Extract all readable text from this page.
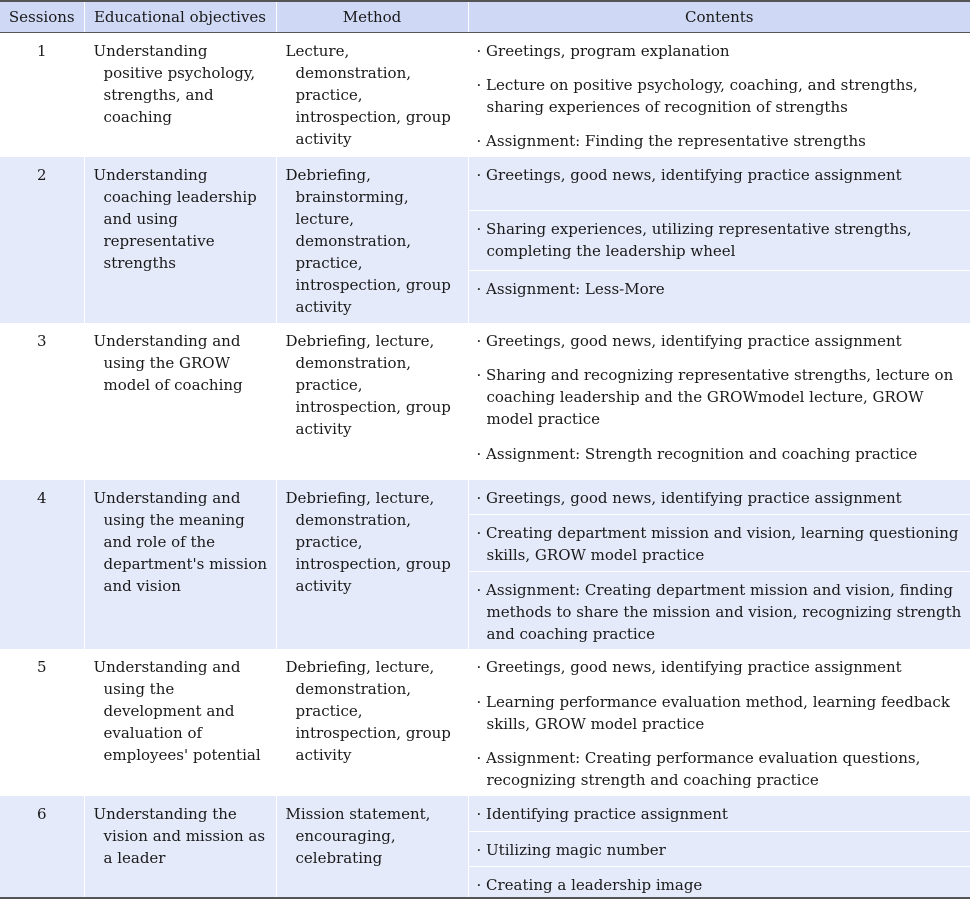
Sessions	Educational objectives	Method	Contents
1	Understanding positive psychology, strengths, and coaching	Lecture, demonstration, practice, introspection, group activity	· Greetings, program explanation
· Lecture on positive psychology, coaching, and strengths, sharing experiences of recognition of strengths
· Assignment: Finding the representative strengths

2	Understanding coaching leadership and using representative strengths	Debriefing, brainstorming, lecture, demonstration, practice, introspection, group activity	· Greetings, good news, identifying practice assignment
· Sharing experiences, utilizing representative strengths, completing the leadership wheel
· Assignment: Less-More

3	Understanding and using the GROW model of coaching	Debriefing, lecture, demonstration, practice, introspection, group activity	· Greetings, good news, identifying practice assignment
· Sharing and recognizing representative strengths, lecture on coaching leadership and the GROWmodel lecture, GROW model practice
· Assignment: Strength recognition and coaching practice

4	Understanding and using the meaning and role of the department's mission and vision	Debriefing, lecture, demonstration, practice, introspection, group activity	· Greetings, good news, identifying practice assignment
· Creating department mission and vision, learning questioning skills, GROW model practice
· Assignment: Creating department mission and vision, finding methods to share the mission and vision, recognizing strength and coaching practice

5	Understanding and using the development and evaluation of employees' potential	Debriefing, lecture, demonstration, practice, introspection, group activity	· Greetings, good news, identifying practice assignment
· Learning performance evaluation method, learning feedback skills, GROW model practice
· Assignment: Creating performance evaluation questions, recognizing strength and coaching practice

6	Understanding the vision and mission as a leader	Mission statement, encouraging, celebrating	· Identifying practice assignment
· Utilizing magic number
· Creating a leadership image
